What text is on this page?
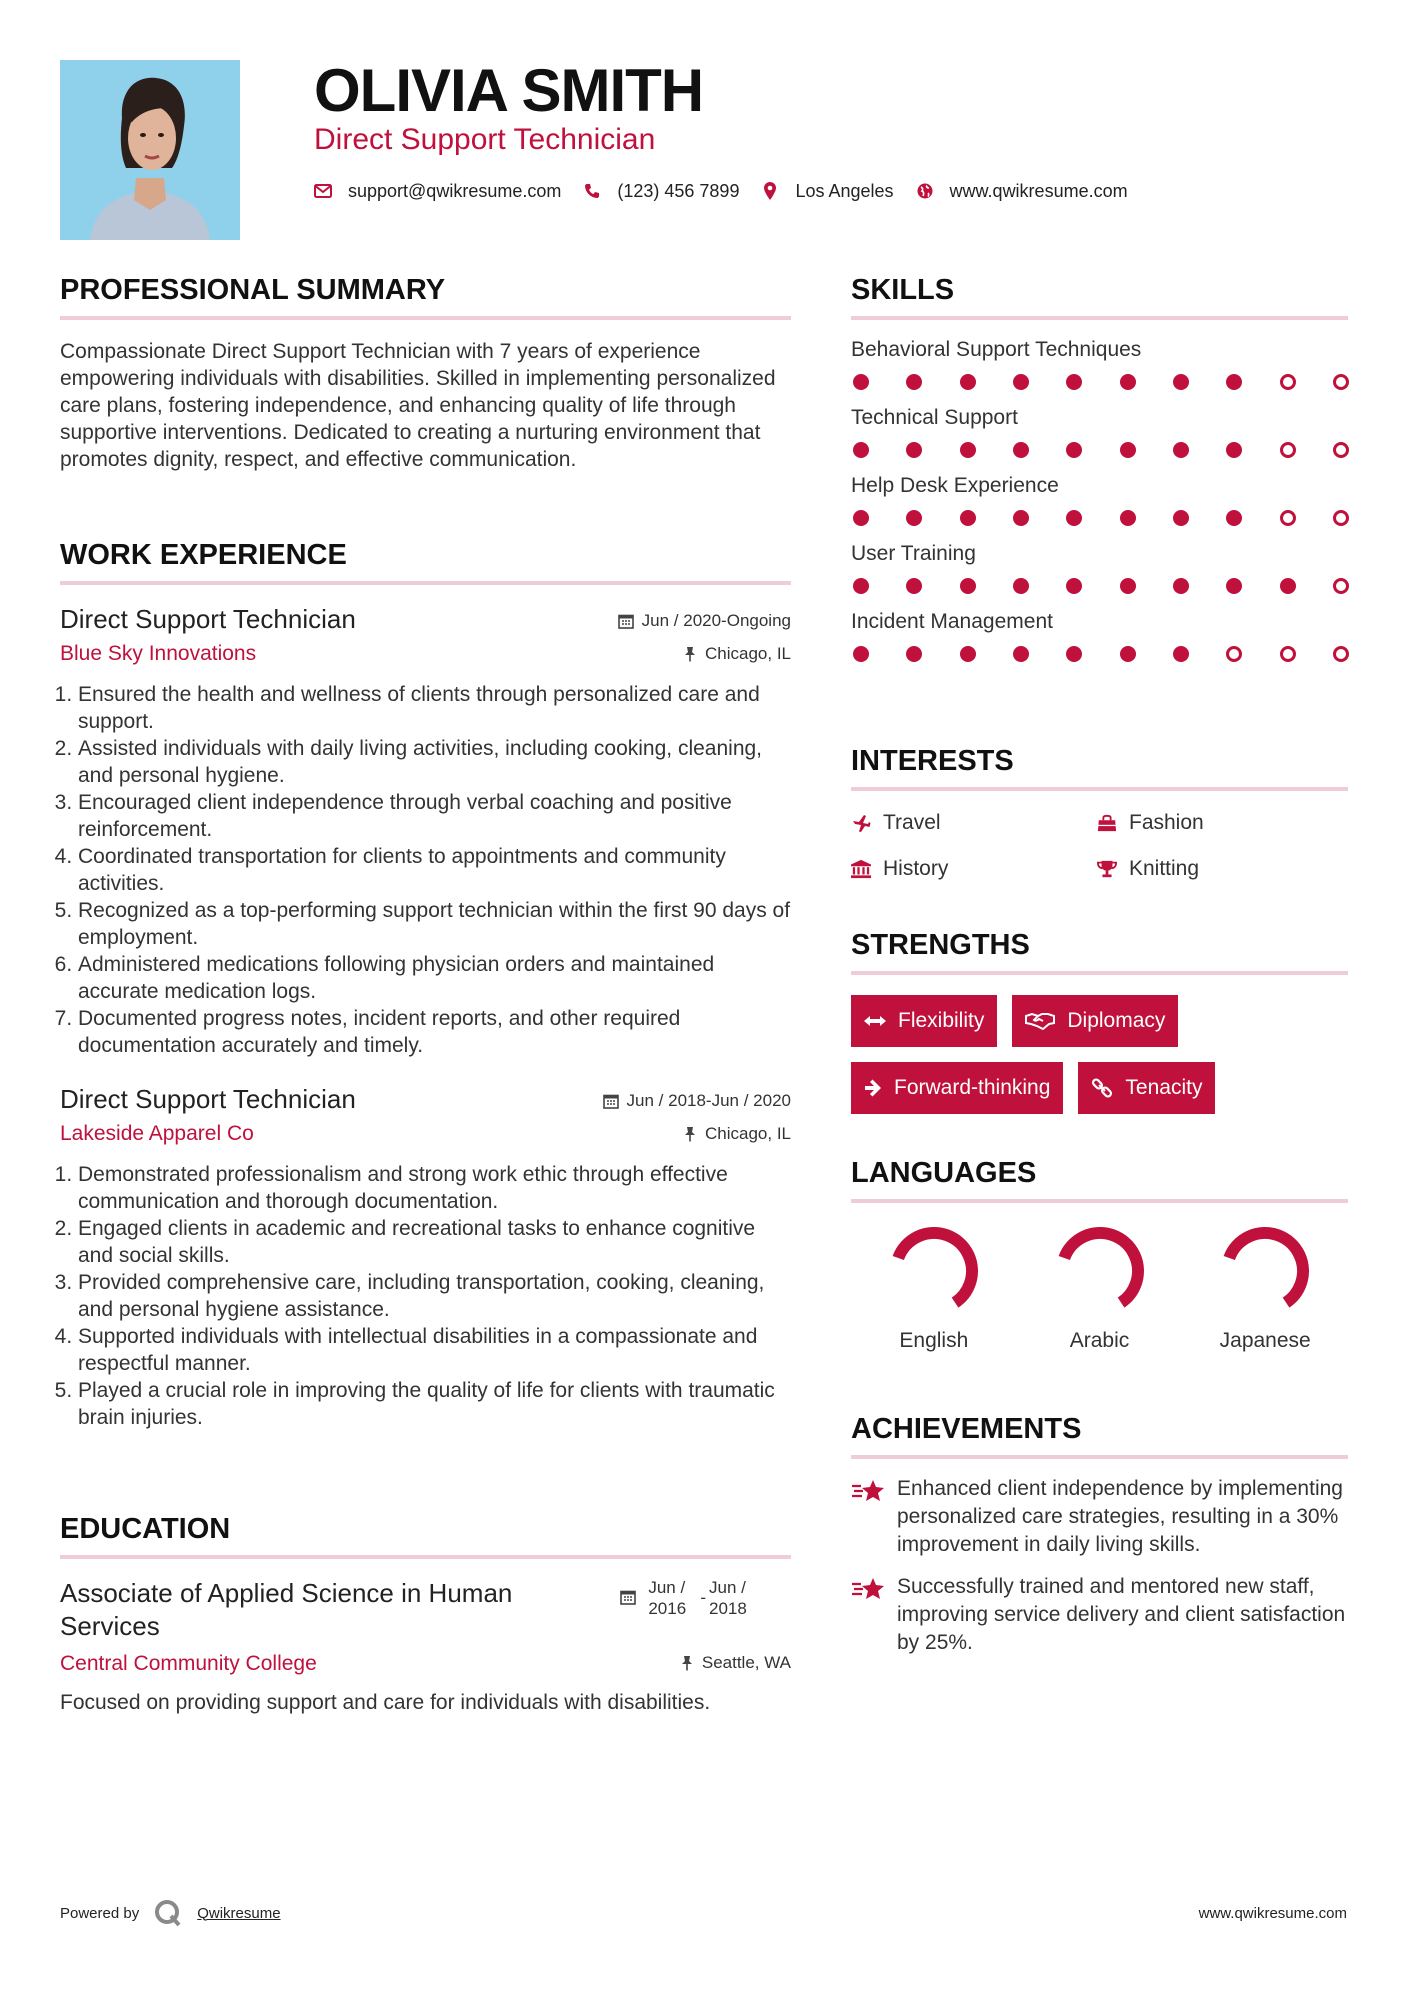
OLIVIA SMITH
Direct Support Technician
support@qwikresume.com	(123) 456 7899	Los Angeles	www.qwikresume.com
PROFESSIONAL SUMMARY

Compassionate Direct Support Technician with 7 years of experience empowering individuals with disabilities. Skilled in implementing personalized care plans, fostering independence, and enhancing quality of life through supportive interventions. Dedicated to creating a nurturing environment that promotes dignity, respect, and effective communication.

WORK EXPERIENCE
Direct Support Technician	Jun / 2020-Ongoing
Blue Sky Innovations	Chicago, IL
1. Ensured the health and wellness of clients through personalized care and support.
2. Assisted individuals with daily living activities, including cooking, cleaning, and personal hygiene.
3. Encouraged client independence through verbal coaching and positive reinforcement.
4. Coordinated transportation for clients to appointments and community activities.
5. Recognized as a top-performing support technician within the first 90 days of employment.
6. Administered medications following physician orders and maintained accurate medication logs.
7. Documented progress notes, incident reports, and other required documentation accurately and timely.
Direct Support Technician	Jun / 2018-Jun / 2020
Lakeside Apparel Co	Chicago, IL
1. Demonstrated professionalism and strong work ethic through effective communication and thorough documentation.
2. Engaged clients in academic and recreational tasks to enhance cognitive and social skills.
3. Provided comprehensive care, including transportation, cooking, cleaning, and personal hygiene assistance.
4. Supported individuals with intellectual disabilities in a compassionate and respectful manner.
5. Played a crucial role in improving the quality of life for clients with traumatic brain injuries.
EDUCATION
Associate of Applied Science in Human Services
Jun / 2016
-
Jun / 2018
Central Community College	Seattle, WA

Focused on providing support and care for individuals with disabilities.

SKILLS
Behavioral Support Techniques
Technical Support
Help Desk Experience
User Training
Incident Management
INTERESTS
Travel	Fashion
History	Knitting
STRENGTHS
Flexibility	Diplomacy
Forward-thinking	Tenacity
LANGUAGES
English	Arabic	Japanese
ACHIEVEMENTS
Enhanced client independence by implementing personalized care strategies, resulting in a 30% improvement in daily living skills.
Successfully trained and mentored new staff, improving service delivery and client satisfaction by 25%.
Powered by	Qwikresume	www.qwikresume.com
